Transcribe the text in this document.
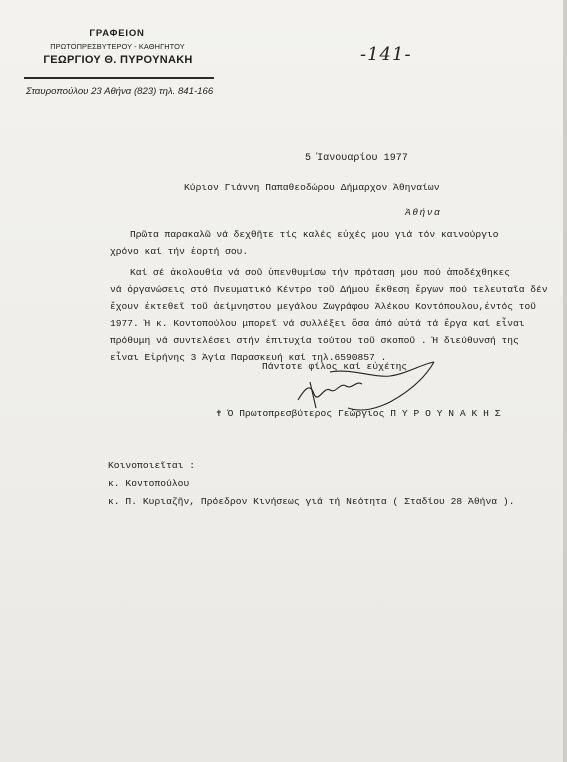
ΓΡΑΦΕΙΟΝ
ΠΡΩΤΟΠΡΕΣΒΥΤΕΡΟΥ - ΚΑΘΗΓΗΤΟΥ
ΓΕΩΡΓΙΟΥ Θ. ΠΥΡΟΥΝΑΚΗ
Σταυροπούλου 23 Αθήνα (823) τηλ. 841-166
-141-
5 Ἰανουαρίου 1977
Κύριον Γιάννη Παπαθεοδώρου Δήμαρχον Ἀθηναίων
Ἀθήνα
Πρῶτα παρακαλῶ νά δεχθῆτε τίς καλές εὐχές μου γιά τόν καινούργιο
χρόνο καί τήν ἑορτή σου.
Καί σέ ἀκολουθία νά σοῦ ὑπενθυμίσω τήν πρόταση μου πού ἀποδέχθηκες
νά ὀργανώσεις στό Πνευματικό Κέντρο τοῦ Δήμου ἔκθεση ἔργων πού τελευταῖα δέν
ἔχουν ἐκτεθεῖ τοῦ ἀείμνηστου μεγάλου Ζωγράφου Ἀλέκου Κοντόπουλου,ἐντός τοῦ
1977. Ἡ κ. Κοντοπούλου μπορεῖ νά συλλέξει ὅσα ἀπό αὐτά τά ἔργα καί εἶναι
πρόθυμη νά συντελέσει στήν ἐπιτυχία τούτου τοῦ σκοποῦ . Ἡ διεύθυνσή της
εἶναι Εἰρήνης 3 Ἁγία Παρασκευή καί τηλ.6590857 .
Πάντοτε φίλος καί εὐχέτης
✝ Ὁ Πρωτοπρεσβύτερος Γεώργιος Π Υ Ρ Ο Υ Ν Α Κ Η Σ
Κοινοποιεῖται :
κ. Κοντοπούλου
κ. Π. Κυριαζῆν, Πρόεδρον Κινήσεως γιά τή Νεότητα ( Σταδίου 28 Ἀθήνα ).
